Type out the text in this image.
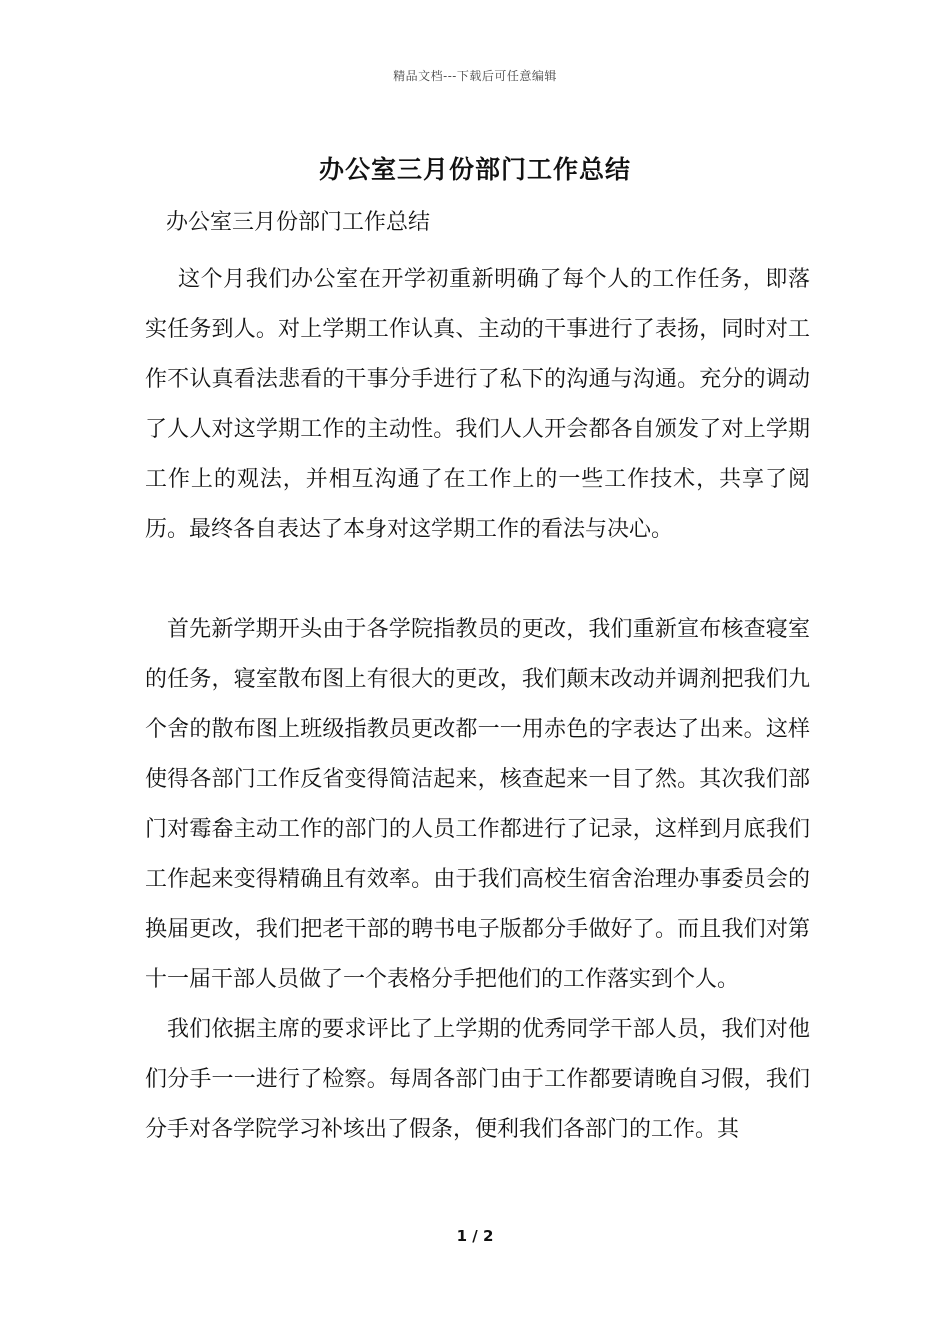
精品文档---下载后可任意编辑
办公室三月份部门工作总结
办公室三月份部门工作总结

这个月我们办公室在开学初重新明确了每个人的工作任务，即落实任务到人。对上学期工作认真、主动的干事进行了表扬，同时对工作不认真看法悲看的干事分手进行了私下的沟通与沟通。充分的调动了人人对这学期工作的主动性。我们人人开会都各自颁发了对上学期工作上的观法，并相互沟通了在工作上的一些工作技术，共享了阅历。最终各自表达了本身对这学期工作的看法与决心。

首先新学期开头由于各学院指教员的更改，我们重新宣布核查寝室的任务，寝室散布图上有很大的更改，我们颠末改动并调剂把我们九个舍的散布图上班级指教员更改都一一用赤色的字表达了出来。这样使得各部门工作反省变得简洁起来，核查起来一目了然。其次我们部门对霉畚主动工作的部门的人员工作都进行了记录，这样到月底我们工作起来变得精确且有效率。由于我们高校生宿舍治理办事委员会的换届更改，我们把老干部的聘书电子版都分手做好了。而且我们对第十一届干部人员做了一个表格分手把他们的工作落实到个人。

我们依据主席的要求评比了上学期的优秀同学干部人员，我们对他们分手一一进行了检察。每周各部门由于工作都要请晚自习假，我们分手对各学院学习补垓出了假条，便利我们各部门的工作。其

1 / 2
